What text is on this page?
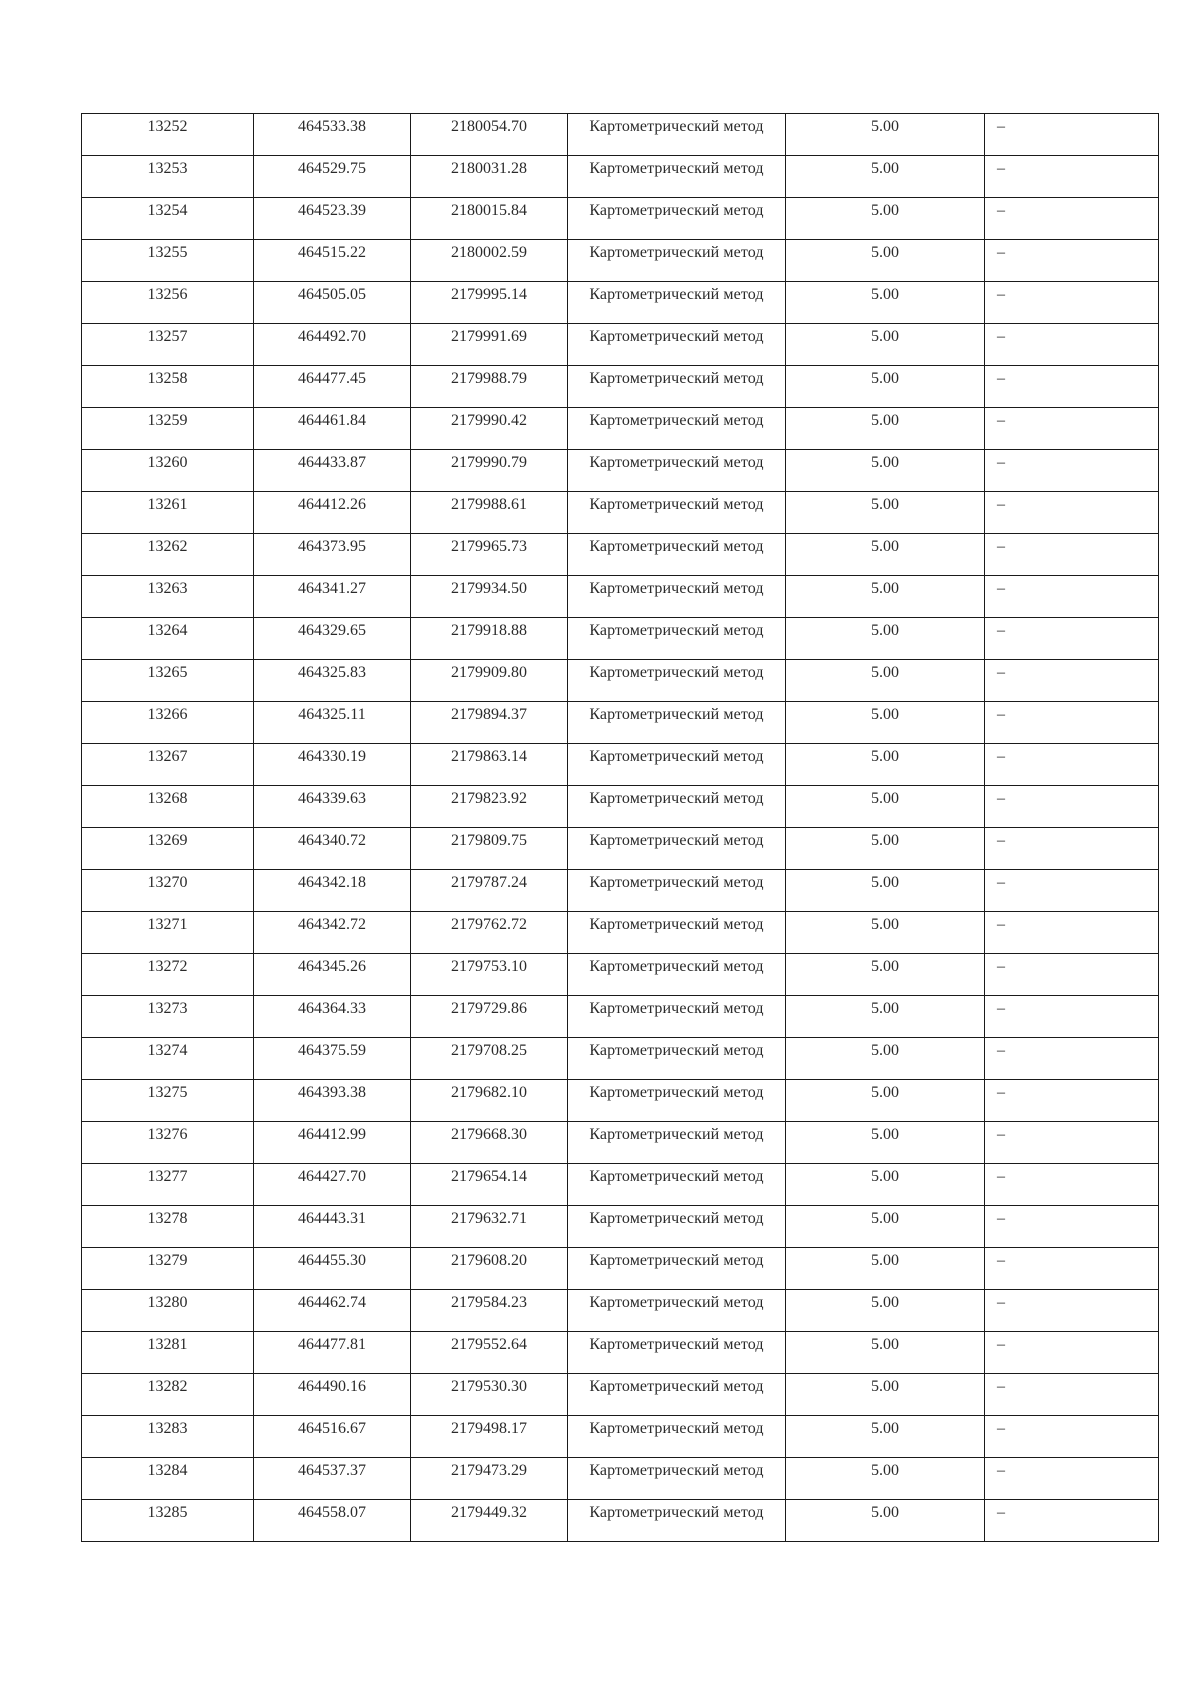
13252	464533.38	2180054.70	Картометрический метод	5.00	–

13253	464529.75	2180031.28	Картометрический метод	5.00	–

13254	464523.39	2180015.84	Картометрический метод	5.00	–

13255	464515.22	2180002.59	Картометрический метод	5.00	–

13256	464505.05	2179995.14	Картометрический метод	5.00	–

13257	464492.70	2179991.69	Картометрический метод	5.00	–

13258	464477.45	2179988.79	Картометрический метод	5.00	–

13259	464461.84	2179990.42	Картометрический метод	5.00	–

13260	464433.87	2179990.79	Картометрический метод	5.00	–

13261	464412.26	2179988.61	Картометрический метод	5.00	–

13262	464373.95	2179965.73	Картометрический метод	5.00	–

13263	464341.27	2179934.50	Картометрический метод	5.00	–

13264	464329.65	2179918.88	Картометрический метод	5.00	–

13265	464325.83	2179909.80	Картометрический метод	5.00	–

13266	464325.11	2179894.37	Картометрический метод	5.00	–

13267	464330.19	2179863.14	Картометрический метод	5.00	–

13268	464339.63	2179823.92	Картометрический метод	5.00	–

13269	464340.72	2179809.75	Картометрический метод	5.00	–

13270	464342.18	2179787.24	Картометрический метод	5.00	–

13271	464342.72	2179762.72	Картометрический метод	5.00	–

13272	464345.26	2179753.10	Картометрический метод	5.00	–

13273	464364.33	2179729.86	Картометрический метод	5.00	–

13274	464375.59	2179708.25	Картометрический метод	5.00	–

13275	464393.38	2179682.10	Картометрический метод	5.00	–

13276	464412.99	2179668.30	Картометрический метод	5.00	–

13277	464427.70	2179654.14	Картометрический метод	5.00	–

13278	464443.31	2179632.71	Картометрический метод	5.00	–

13279	464455.30	2179608.20	Картометрический метод	5.00	–

13280	464462.74	2179584.23	Картометрический метод	5.00	–

13281	464477.81	2179552.64	Картометрический метод	5.00	–

13282	464490.16	2179530.30	Картометрический метод	5.00	–

13283	464516.67	2179498.17	Картометрический метод	5.00	–

13284	464537.37	2179473.29	Картометрический метод	5.00	–

13285	464558.07	2179449.32	Картометрический метод	5.00	–
